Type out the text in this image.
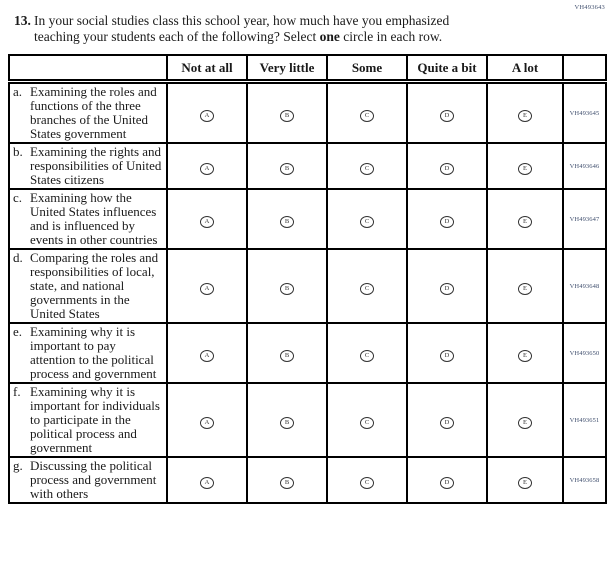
VH493643
13. In your social studies class this school year, how much have you emphasized
teaching your students each of the following? Select one circle in each row.
	Not at all	Very little	Some	Quite a bit	A lot	

a. Examining the roles and functions of the three branches of the United States government	A	B	C	D	E	VH493645

b. Examining the rights and responsibilities of United States citizens	A	B	C	D	E	VH493646

c. Examining how the United States influences and is influenced by events in other countries	A	B	C	D	E	VH493647

d. Comparing the roles and responsibilities of local, state, and national governments in the United States	A	B	C	D	E	VH493648

e. Examining why it is important to pay attention to the political process and government	A	B	C	D	E	VH493650

f. Examining why it is important for individuals to participate in the political process and government	A	B	C	D	E	VH493651

g. Discussing the political process and government with others	A	B	C	D	E	VH493658
